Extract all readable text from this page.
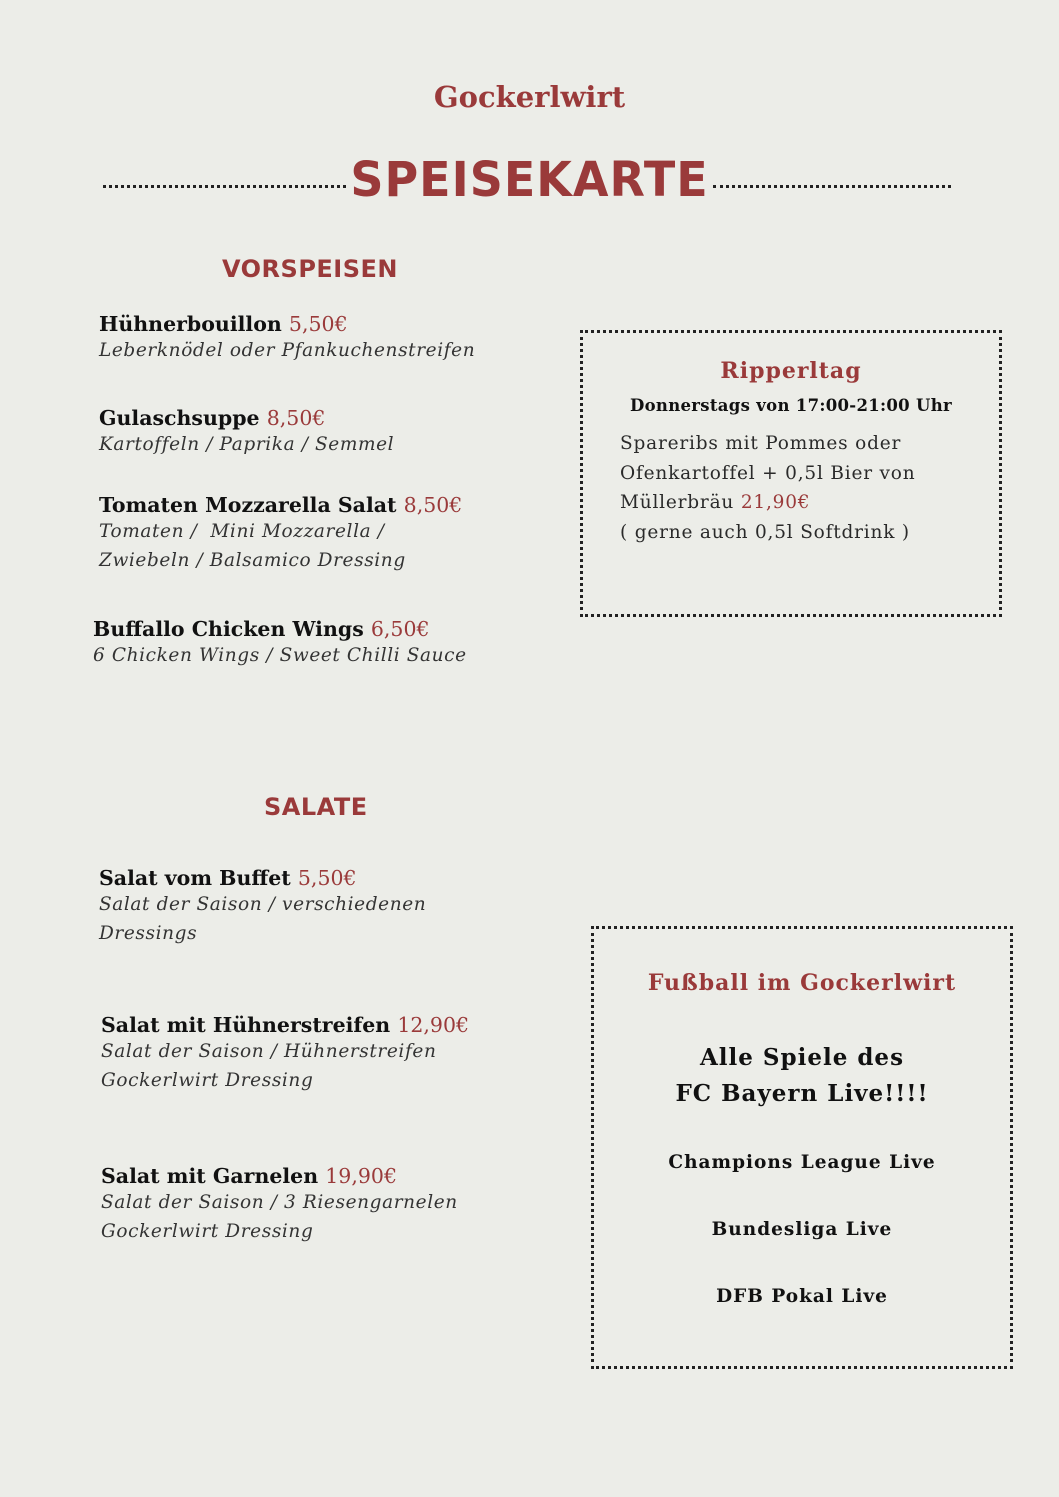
Gockerlwirt
SPEISEKARTE
VORSPEISEN
Hühnerbouillon 5,50€
Leberknödel oder Pfankuchenstreifen
Gulaschsuppe 8,50€
Kartoffeln / Paprika / Semmel
Tomaten Mozzarella Salat 8,50€
Tomaten /  Mini Mozzarella /
Zwiebeln / Balsamico Dressing
Buffallo Chicken Wings 6,50€
6 Chicken Wings / Sweet Chilli Sauce
Ripperltag
Donnerstags von 17:00-21:00 Uhr
Spareribs mit Pommes oder
Ofenkartoffel + 0,5l Bier von
Müllerbräu 21,90€
( gerne auch 0,5l Softdrink )
SALATE
Salat vom Buffet 5,50€
Salat der Saison / verschiedenen
Dressings
Salat mit Hühnerstreifen 12,90€
Salat der Saison / Hühnerstreifen
Gockerlwirt Dressing
Salat mit Garnelen 19,90€
Salat der Saison / 3 Riesengarnelen
Gockerlwirt Dressing
Fußball im Gockerlwirt
Alle Spiele des
FC Bayern Live!!!!
Champions League Live
Bundesliga Live
DFB Pokal Live
